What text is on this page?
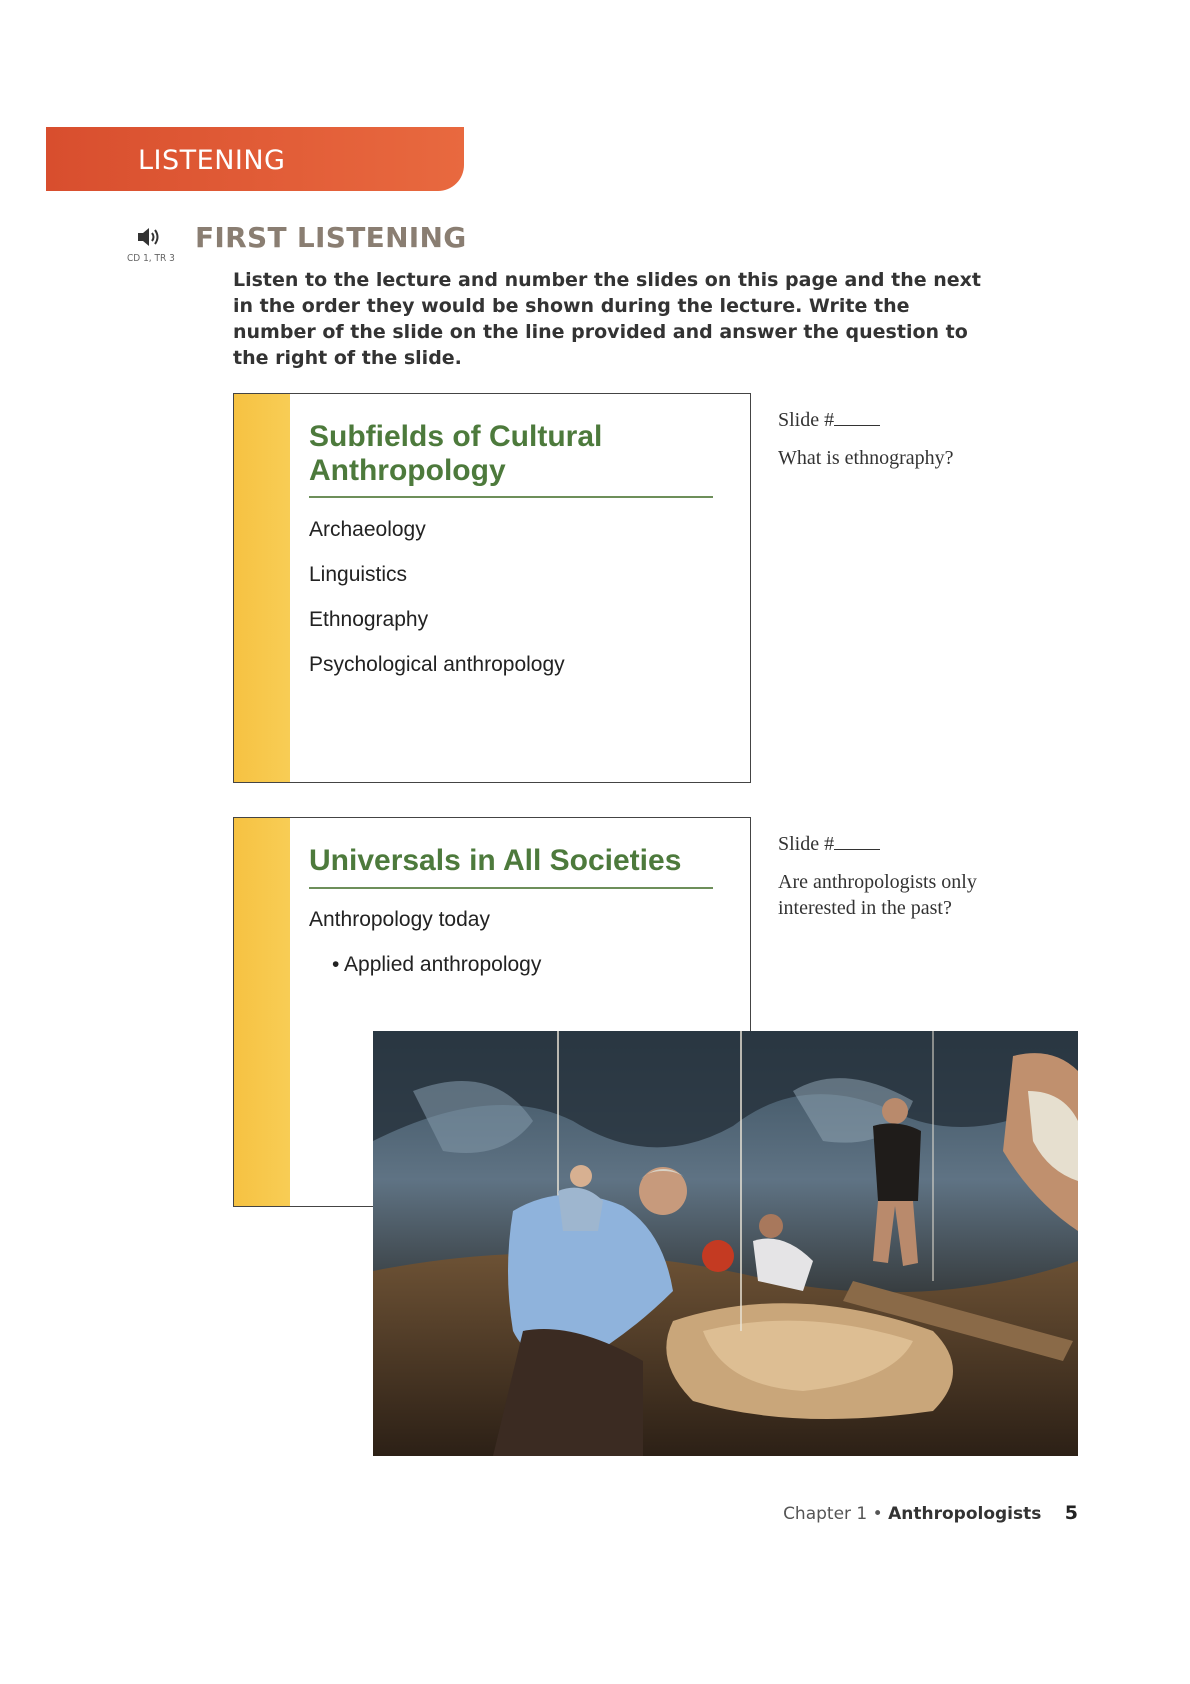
LISTENING
CD 1, TR 3
FIRST LISTENING
Listen to the lecture and number the slides on this page and the next in the order they would be shown during the lecture. Write the number of the slide on the line provided and answer the question to the right of the slide.
Subfields of Cultural
Anthropology
Archaeology
Linguistics
Ethnography
Psychological anthropology
Slide #
What is ethnography?
Universals in All Societies
Anthropology today
• Applied anthropology
Slide #
Are anthropologists only
interested in the past?
Chapter 1 • Anthropologists 5
